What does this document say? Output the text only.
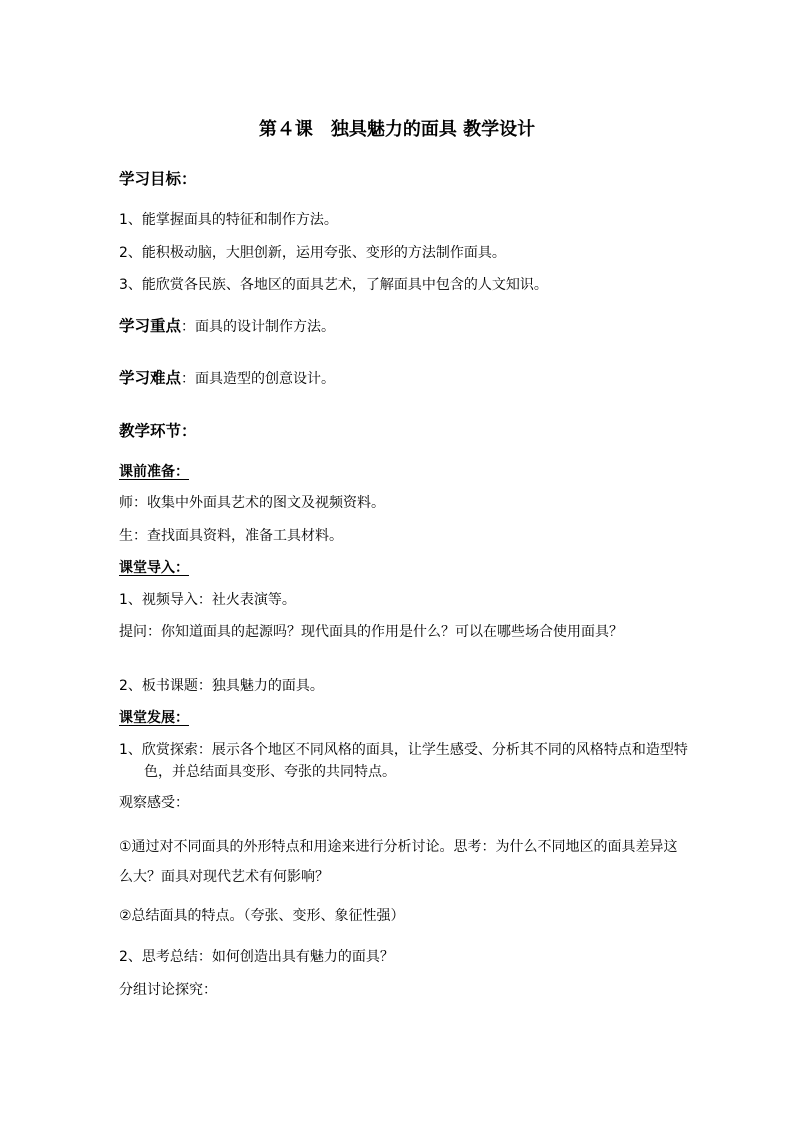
第４课 独具魅力的面具 教学设计
学习目标：
1、能掌握面具的特征和制作方法。
2、能积极动脑，大胆创新，运用夸张、变形的方法制作面具。
3、能欣赏各民族、各地区的面具艺术，了解面具中包含的人文知识。
学习重点：面具的设计制作方法。
学习难点：面具造型的创意设计。
教学环节：
课前准备：
师：收集中外面具艺术的图文及视频资料。
生：查找面具资料，准备工具材料。
课堂导入：
1、视频导入：社火表演等。
提问：你知道面具的起源吗？现代面具的作用是什么？可以在哪些场合使用面具？
2、板书课题：独具魅力的面具。
课堂发展：
1、欣赏探索：展示各个地区不同风格的面具，让学生感受、分析其不同的风格特点和造型特色，并总结面具变形、夸张的共同特点。
观察感受：
①通过对不同面具的外形特点和用途来进行分析讨论。思考：为什么不同地区的面具差异这么大？面具对现代艺术有何影响？
②总结面具的特点。（夸张、变形、象征性强）
2、思考总结：如何创造出具有魅力的面具？
分组讨论探究：
